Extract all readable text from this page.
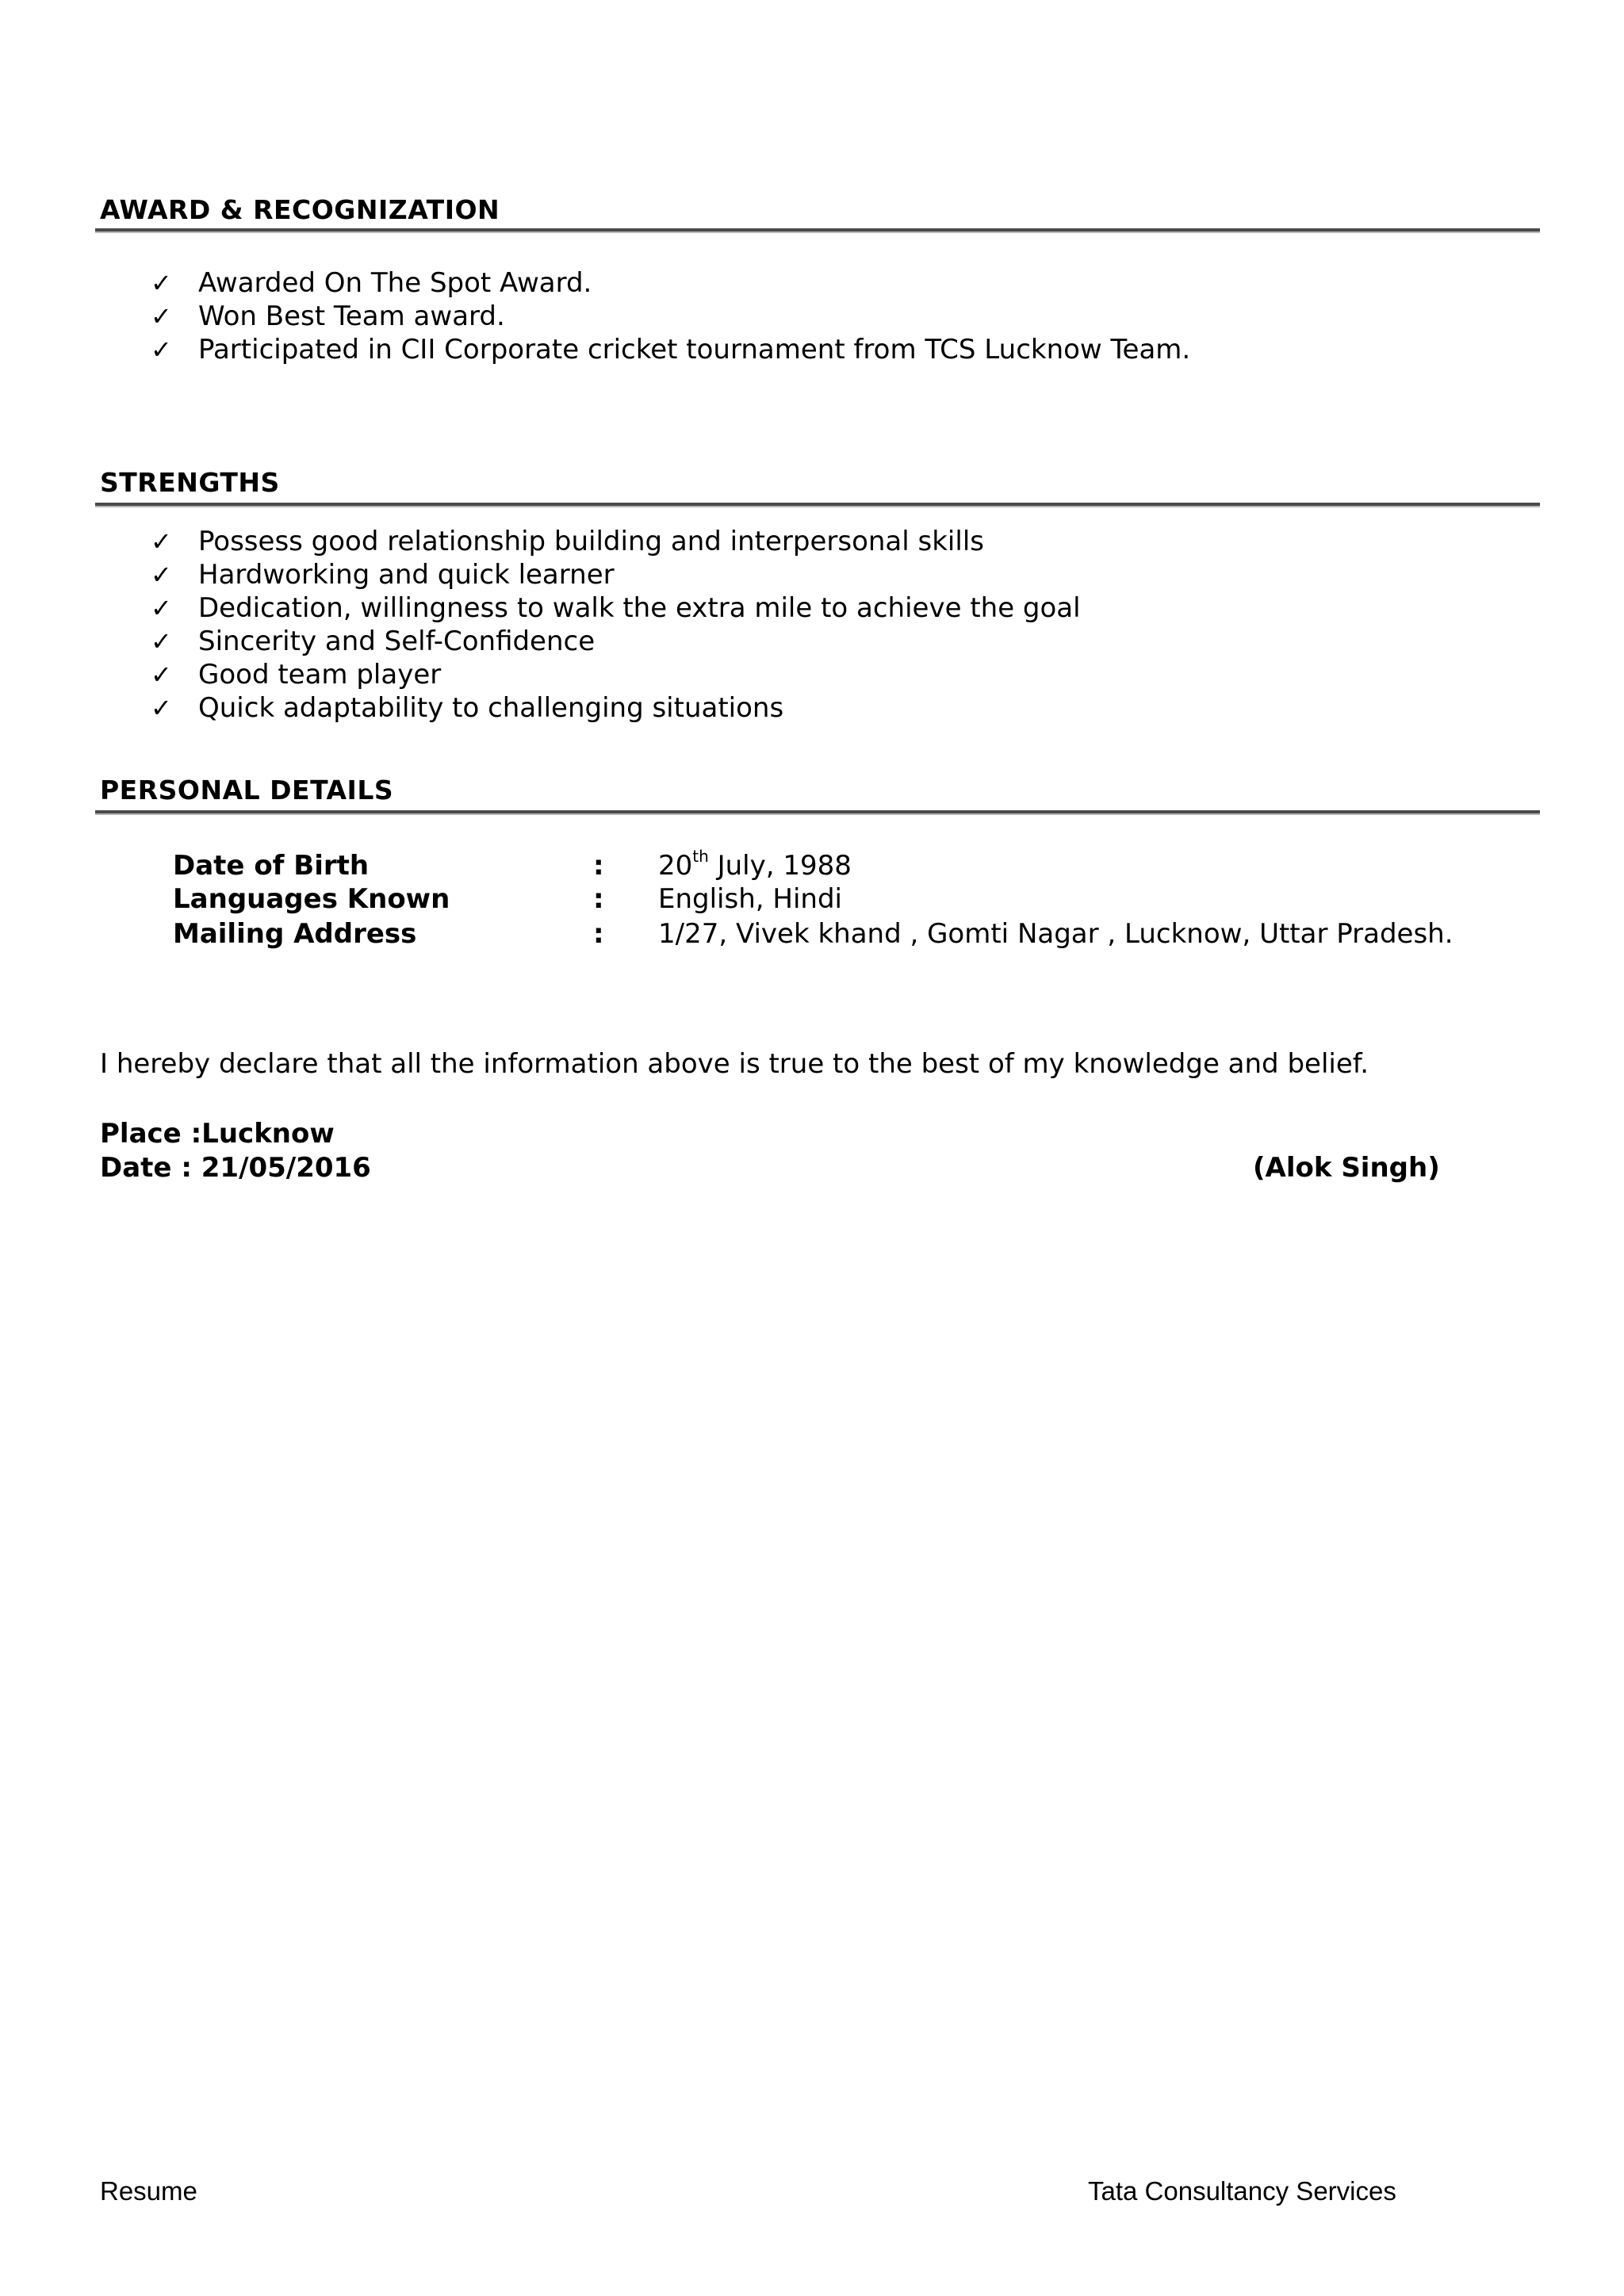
AWARD & RECOGNIZATION
✓ Awarded On The Spot Award.
✓ Won Best Team award.
✓ Participated in CII Corporate cricket tournament from TCS Lucknow Team.
STRENGTHS
✓ Possess good relationship building and interpersonal skills
✓ Hardworking and quick learner
✓ Dedication, willingness to walk the extra mile to achieve the goal
✓ Sincerity and Self-Confidence
✓ Good team player
✓ Quick adaptability to challenging situations
PERSONAL DETAILS
Date of Birth	: 20th July, 1988
Languages Known	: English, Hindi
Mailing Address	: 1/27, Vivek khand , Gomti Nagar , Lucknow, Uttar Pradesh.
I hereby declare that all the information above is true to the best of my knowledge and belief.
Place :Lucknow
Date : 21/05/2016	(Alok Singh)
Resume	Tata Consultancy Services
